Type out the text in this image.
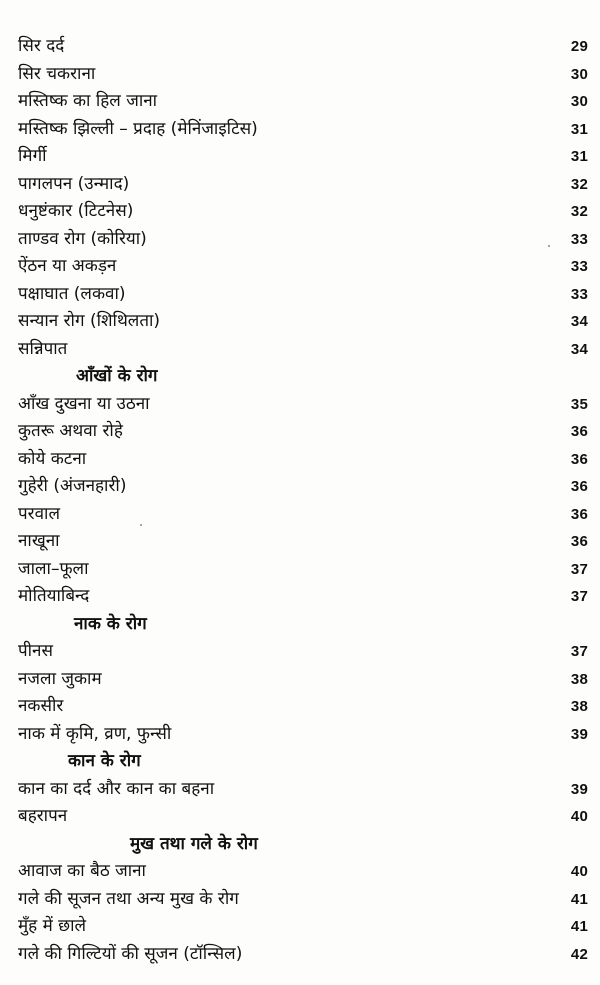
सिर दर्द	29
सिर चकराना	30
मस्तिष्क का हिल जाना	30
मस्तिष्क झिल्ली – प्रदाह (मेनिंजाइटिस)	31
मिर्गी	31
पागलपन (उन्माद)	32
धनुष्टंकार (टिटनेस)	32
ताण्डव रोग (कोरिया)	33
ऐंठन या अकड़न	33
पक्षाघात (लकवा)	33
सन्यान रोग (शिथिलता)	34
सन्निपात	34
आँखों के रोग
आँख दुखना या उठना	35
कुतरू अथवा रोहे	36
कोये कटना	36
गुहेरी (अंजनहारी)	36
परवाल	36
नाखूना	36
जाला–फूला	37
मोतियाबिन्द	37
नाक के रोग
पीनस	37
नजला जुकाम	38
नकसीर	38
नाक में कृमि, व्रण, फुन्सी	39
कान के रोग
कान का दर्द और कान का बहना	39
बहरापन	40
मुख तथा गले के रोग
आवाज का बैठ जाना	40
गले की सूजन तथा अन्य मुख के रोग	41
मुँह में छाले	41
गले की गिल्टियों की सूजन (टॉन्सिल)	42
